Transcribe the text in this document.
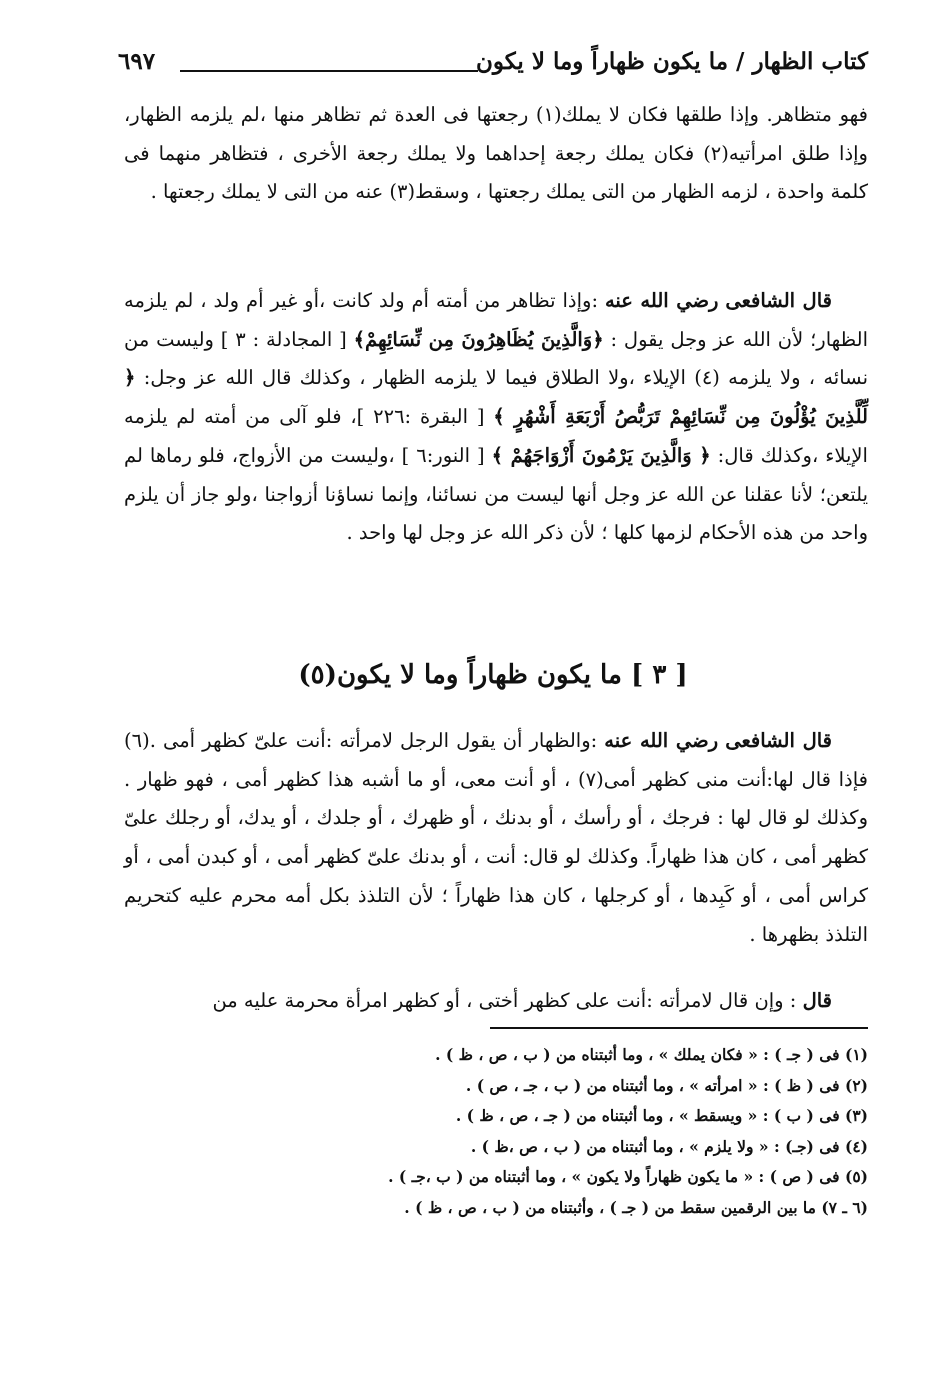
كتاب الظهار / ما يكون ظهاراً وما لا يكون
٦٩٧
فهو متظاهر. وإذا طلقها فكان لا يملك(١) رجعتها فى العدة ثم تظاهر منها ،لم يلزمه الظهار، وإذا طلق امرأتيه(٢) فكان يملك رجعة إحداهما ولا يملك رجعة الأخرى ، فتظاهر منهما فى كلمة واحدة ، لزمه الظهار من التى يملك رجعتها ، وسقط(٣) عنه من التى لا يملك رجعتها .
قال الشافعى رضي الله عنه :وإذا تظاهر من أمته أم ولد كانت ،أو غير أم ولد ، لم يلزمه الظهار؛ لأن الله عز وجل يقول : ﴿وَالَّذِينَ يُظَاهِرُونَ مِن نِّسَائِهِمْ﴾ [ المجادلة : ٣ ] وليست من نسائه ، ولا يلزمه (٤) الإيلاء ،ولا الطلاق فيما لا يلزمه الظهار ، وكذلك قال الله عز وجل: ﴿ لِّلَّذِينَ يُؤْلُونَ مِن نِّسَائِهِمْ تَرَبُّصُ أَرْبَعَةِ أَشْهُرٍ ﴾ [ البقرة :٢٢٦ ]، فلو آلى من أمته لم يلزمه الإيلاء ،وكذلك قال: ﴿ وَالَّذِينَ يَرْمُونَ أَزْوَاجَهُمْ ﴾ [ النور:٦ ] ،وليست من الأزواج، فلو رماها لم يلتعن؛ لأنا عقلنا عن الله عز وجل أنها ليست من نسائنا، وإنما نساؤنا أزواجنا ،ولو جاز أن يلزم واحد من هذه الأحكام لزمها كلها ؛ لأن ذكر الله عز وجل لها واحد .
[ ٣ ] ما يكون ظهاراً وما لا يكون(٥)
قال الشافعى رضي الله عنه :والظهار أن يقول الرجل لامرأته :أنت علىّ كظهر أمى .(٦) فإذا قال لها:أنت منى كظهر أمى(٧) ، أو أنت معى، أو ما أشبه هذا كظهر أمى ، فهو ظهار . وكذلك لو قال لها : فرجك ، أو رأسك ، أو بدنك ، أو ظهرك ، أو جلدك ، أو يدك، أو رجلك علىّ كظهر أمى ، كان هذا ظهاراً. وكذلك لو قال: أنت ، أو بدنك علىّ كظهر أمى ، أو كبدن أمى ، أو كراس أمى ، أو كَبِدها ، أو كرجلها ، كان هذا ظهاراً ؛ لأن التلذذ بكل أمه محرم عليه كتحريم التلذذ بظهرها .
قال : وإن قال لامرأته :أنت على كظهر أختى ، أو كظهر امرأة محرمة عليه من
(١) فى ( جـ ) : « فكان يملك » ، وما أثبتناه من ( ب ، ص ، ظ ) .
(٢) فى ( ظ ) : « امرأته » ، وما أثبتناه من ( ب ، جـ ، ص ) .
(٣) فى ( ب ) : « ويسقط » ، وما أثبتناه من ( جـ ، ص ، ظ ) .
(٤) فى (جـ) : « ولا يلزم » ، وما أثبتناه من ( ب ، ص ،ظ ) .
(٥) فى ( ص ) : « ما يكون ظهاراً ولا يكون » ، وما أثبتناه من ( ب ،جـ ) .
(٦ ـ ٧) ما بين الرقمين سقط من ( جـ ) ، وأثبتناه من ( ب ، ص ، ظ ) .
